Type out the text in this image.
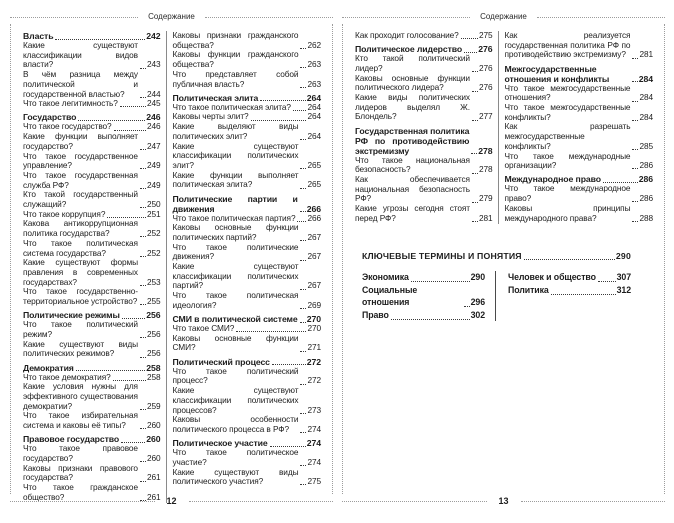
Содержание
Власть	242
Какие существуют классификации видов власти?	243
В чём разница между политической и государственной властью?	244
Что такое легитимность?	245
Государство	246
Что такое государство?	246
Какие функции выполняет государство?	247
Что такое государственное управление?	249
Что такое государственная служба РФ?	249
Кто такой государственный служащий?	250
Что такое коррупция?	251
Какова антикоррупционная политика государства?	252
Что такое политическая система государства?	252
Какие существуют формы правления в современных государствах?	253
Что такое государственно-территориальное устройство? 255
Политические режимы	256
Что такое политический режим?	256
Какие существуют виды политических режимов?	256
Демократия	258
Что такое демократия?	258
Какие условия нужны для эффективного существования демократии?	259
Что такое избирательная система и каковы её типы?	260
Правовое государство	260
Что такое правовое государство?	260
Каковы признаки правового государства?	261
Что такое гражданское общество?	261
Каковы признаки гражданского общества?	262
Каковы функции гражданского общества?	263
Что представляет собой публичная власть?	263
Политическая элита	264
Что такое политическая элита? 264
Каковы черты элит?	264
Какие выделяют виды политических элит?	264
Какие существуют классификации политических элит?	265
Какие функции выполняет политическая элита?	265
Политические партии и движения	266
Что такое политическая партия? 266
Каковы основные функции политических партий?	267
Что такое политические движения?	267
Какие существуют классификации политических партий?	267
Что такое политическая идеология?	269
СМИ в политической системе 270
Что такое СМИ?	270
Каковы основные функции СМИ?	271
Политический процесс	272
Что такое политический процесс?	272
Какие существуют классификации политических процессов?	273
Каковы особенности политического процесса в РФ?	274
Политическое участие	274
Что такое политическое участие?	274
Какие существуют виды политического участия?	275
12
Содержание
Как проходит голосование? 275
Политическое лидерство 276
Кто такой политический лидер?	276
Каковы основные функции политического лидера?	276
Какие виды политических лидеров выделял Ж. Блондель?	277
Государственная политика РФ по противодействию экстремизму	278
Что такое национальная безопасность?	278
Как обеспечивается национальная безопасность РФ?	279
Какие угрозы сегодня стоят перед РФ?	281
Как реализуется государственная политика РФ по противодействию экстремизму?	281
Межгосударственные отношения и конфликты	284
Что такое межгосударственные отношения?	284
Что такое межгосударственные конфликты?	284
Как разрешать межгосударственные конфликты?	285
Что такое международные организации?	286
Международное право	286
Что такое международное право?	286
Каковы принципы международного права?	288
КЛЮЧЕВЫЕ ТЕРМИНЫ И ПОНЯТИЯ	290
Экономика	290
Социальные отношения	296
Право	302
Человек и общество 307
Политика	312
13
